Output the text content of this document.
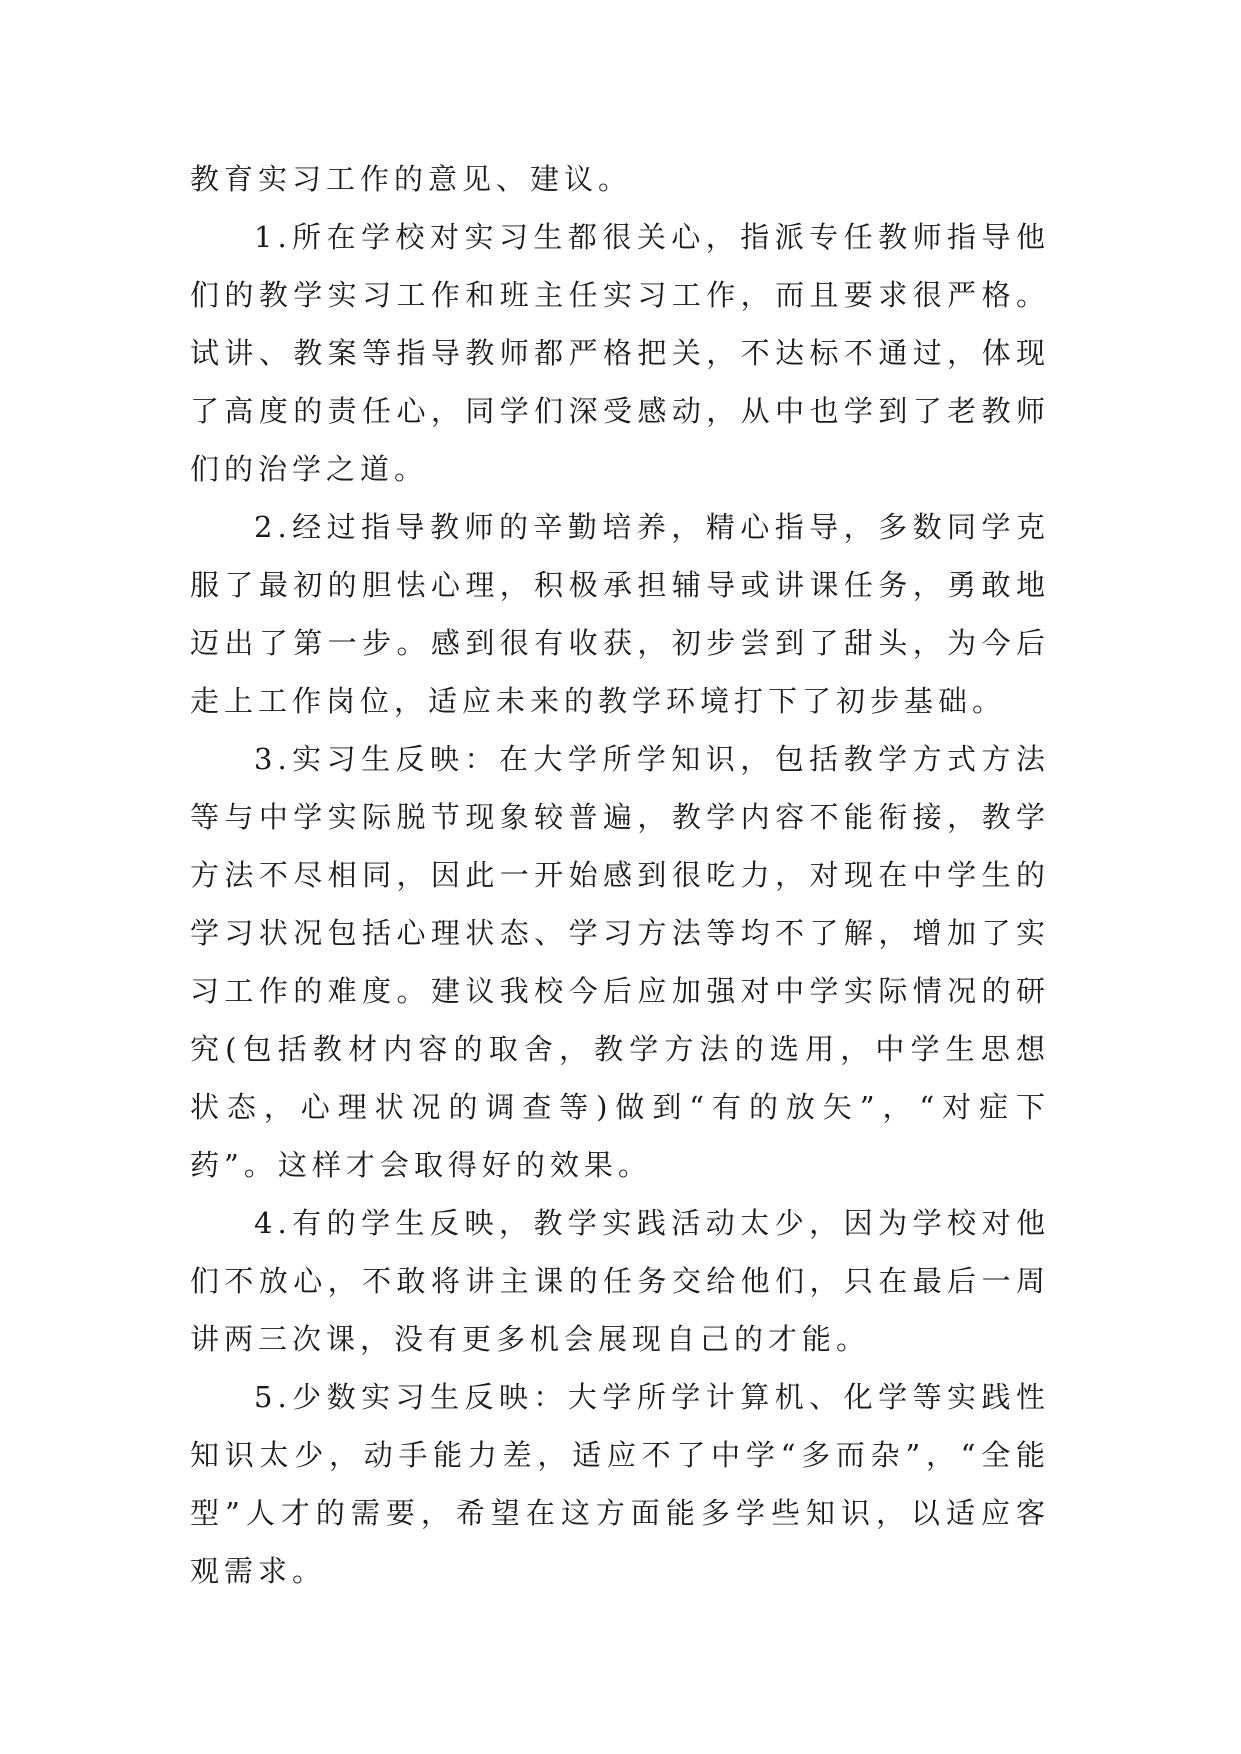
教育实习工作的意见、建议。

1.所在学校对实习生都很关心，指派专任教师指导他们的教学实习工作和班主任实习工作，而且要求很严格。试讲、教案等指导教师都严格把关，不达标不通过，体现了高度的责任心，同学们深受感动，从中也学到了老教师们的治学之道。

2.经过指导教师的辛勤培养，精心指导，多数同学克服了最初的胆怯心理，积极承担辅导或讲课任务，勇敢地迈出了第一步。感到很有收获，初步尝到了甜头，为今后走上工作岗位，适应未来的教学环境打下了初步基础。

3.实习生反映：在大学所学知识，包括教学方式方法等与中学实际脱节现象较普遍，教学内容不能衔接，教学方法不尽相同，因此一开始感到很吃力，对现在中学生的学习状况包括心理状态、学习方法等均不了解，增加了实习工作的难度。建议我校今后应加强对中学实际情况的研究(包括教材内容的取舍，教学方法的选用，中学生思想状态，心理状况的调查等)做到“有的放矢”，“对症下药”。这样才会取得好的效果。

4.有的学生反映，教学实践活动太少，因为学校对他们不放心，不敢将讲主课的任务交给他们，只在最后一周讲两三次课，没有更多机会展现自己的才能。

5.少数实习生反映：大学所学计算机、化学等实践性知识太少，动手能力差，适应不了中学“多而杂”，“全能型”人才的需要，希望在这方面能多学些知识，以适应客观需求。
